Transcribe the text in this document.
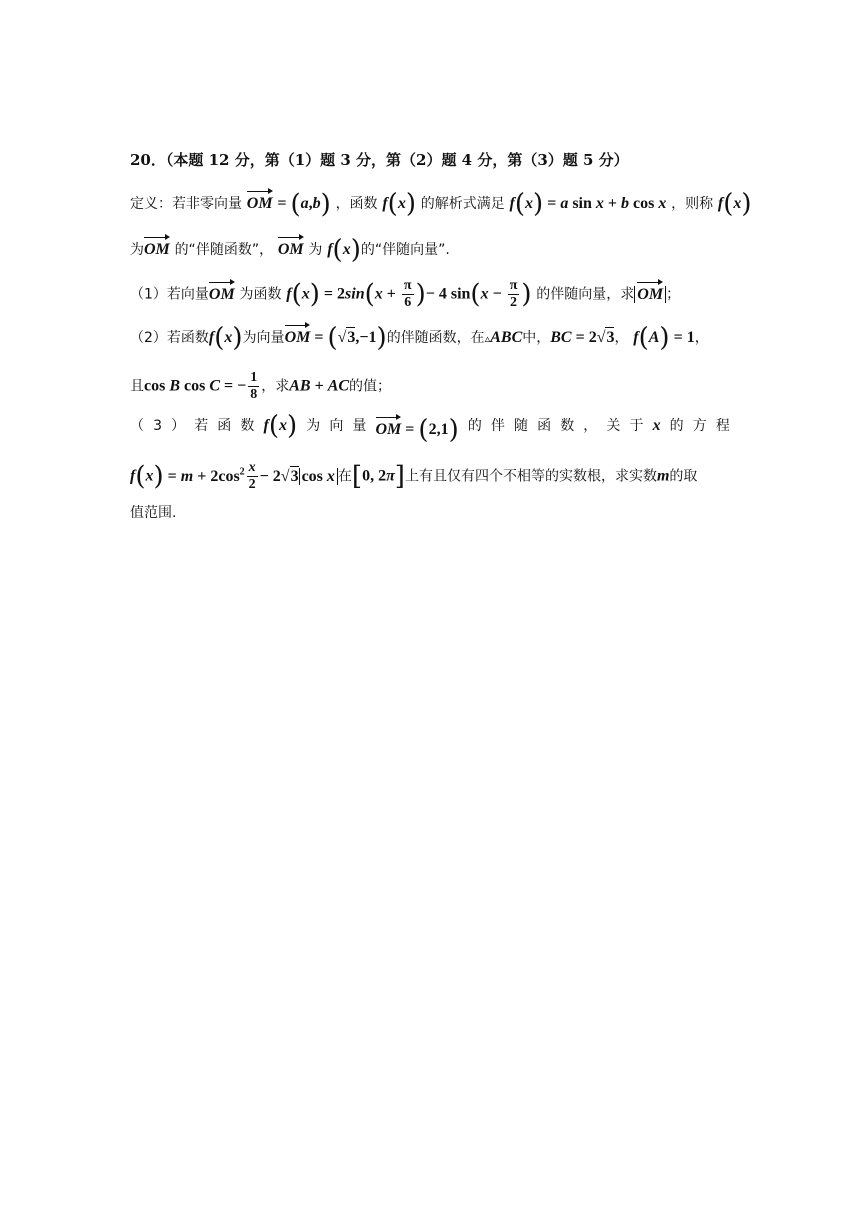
20．（本题 12 分，第（1）题 3 分，第（2）题 4 分，第（3）题 5 分）
定义：若非零向量 OM = (a,b) ，函数 f(x) 的解析式满足 f(x) = a sin x + b cos x ，则称 f(x)
为OM 的“伴随函数”， OM 为 f(x)的“伴随向量”.
（1）若向量OM 为函数 $f(x) = 2\sin(x + \frac{\pi}{6}$ )− 4 $\sin(x - \frac{\pi}{2}$ ) 的伴随向量，求 OM ；
（2）若函数f(x)为向量OM = (√3,−1)的伴随函数，在▵ABC中，BC = 2√3， f(A) = 1，
且cos B cos C = − $\frac{1}{8}$ ，求AB + AC的值；
（ 3 ） 若 函 数 f(x) 为 向 量 OM = (2,1) 的 伴 随 函 数 ， 关 于 x 的 方 程
$f(x) = m + 2\cos^2 \frac{x}{2} - 2√3$ cos x 在[0, 2π]上有且仅有四个不相等的实数根，求实数m的取
值范围.
